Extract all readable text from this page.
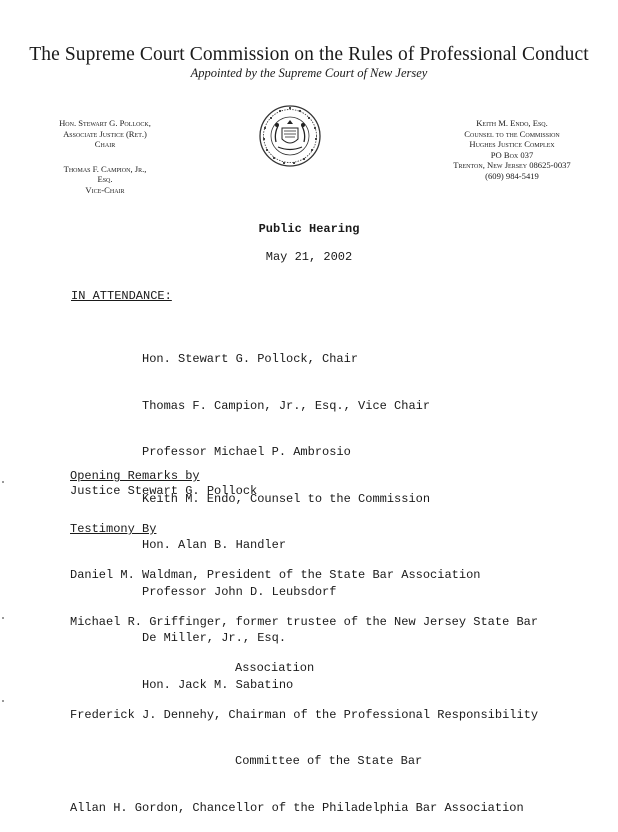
The Supreme Court Commission on the Rules of Professional Conduct
Appointed by the Supreme Court of New Jersey
Hon. Stewart G. Pollock,
Associate Justice (Ret.)
Chair
Thomas F. Campion, Jr.,
Esq.
Vice-Chair
Keith M. Endo, Esq.
Counsel to the Commission
Hughes Justice Complex
PO Box 037
Trenton, New Jersey 08625-0037
(609) 984-5419
Public Hearing
May 21, 2002
IN ATTENDANCE:

Hon. Stewart G. Pollock, Chair

Thomas F. Campion, Jr., Esq., Vice Chair

Professor Michael P. Ambrosio

Keith M. Endo, Counsel to the Commission

Hon. Alan B. Handler

Professor John D. Leubsdorf

De Miller, Jr., Esq.

Hon. Jack M. Sabatino

Opening Remarks by
Justice Stewart G. Pollock
Testimony By

Daniel M. Waldman, President of the State Bar Association

Michael R. Griffinger, former trustee of the New Jersey State Bar

Association

Frederick J. Dennehy, Chairman of the Professional Responsibility

Committee of the State Bar

Allan H. Gordon, Chancellor of the Philadelphia Bar Association
